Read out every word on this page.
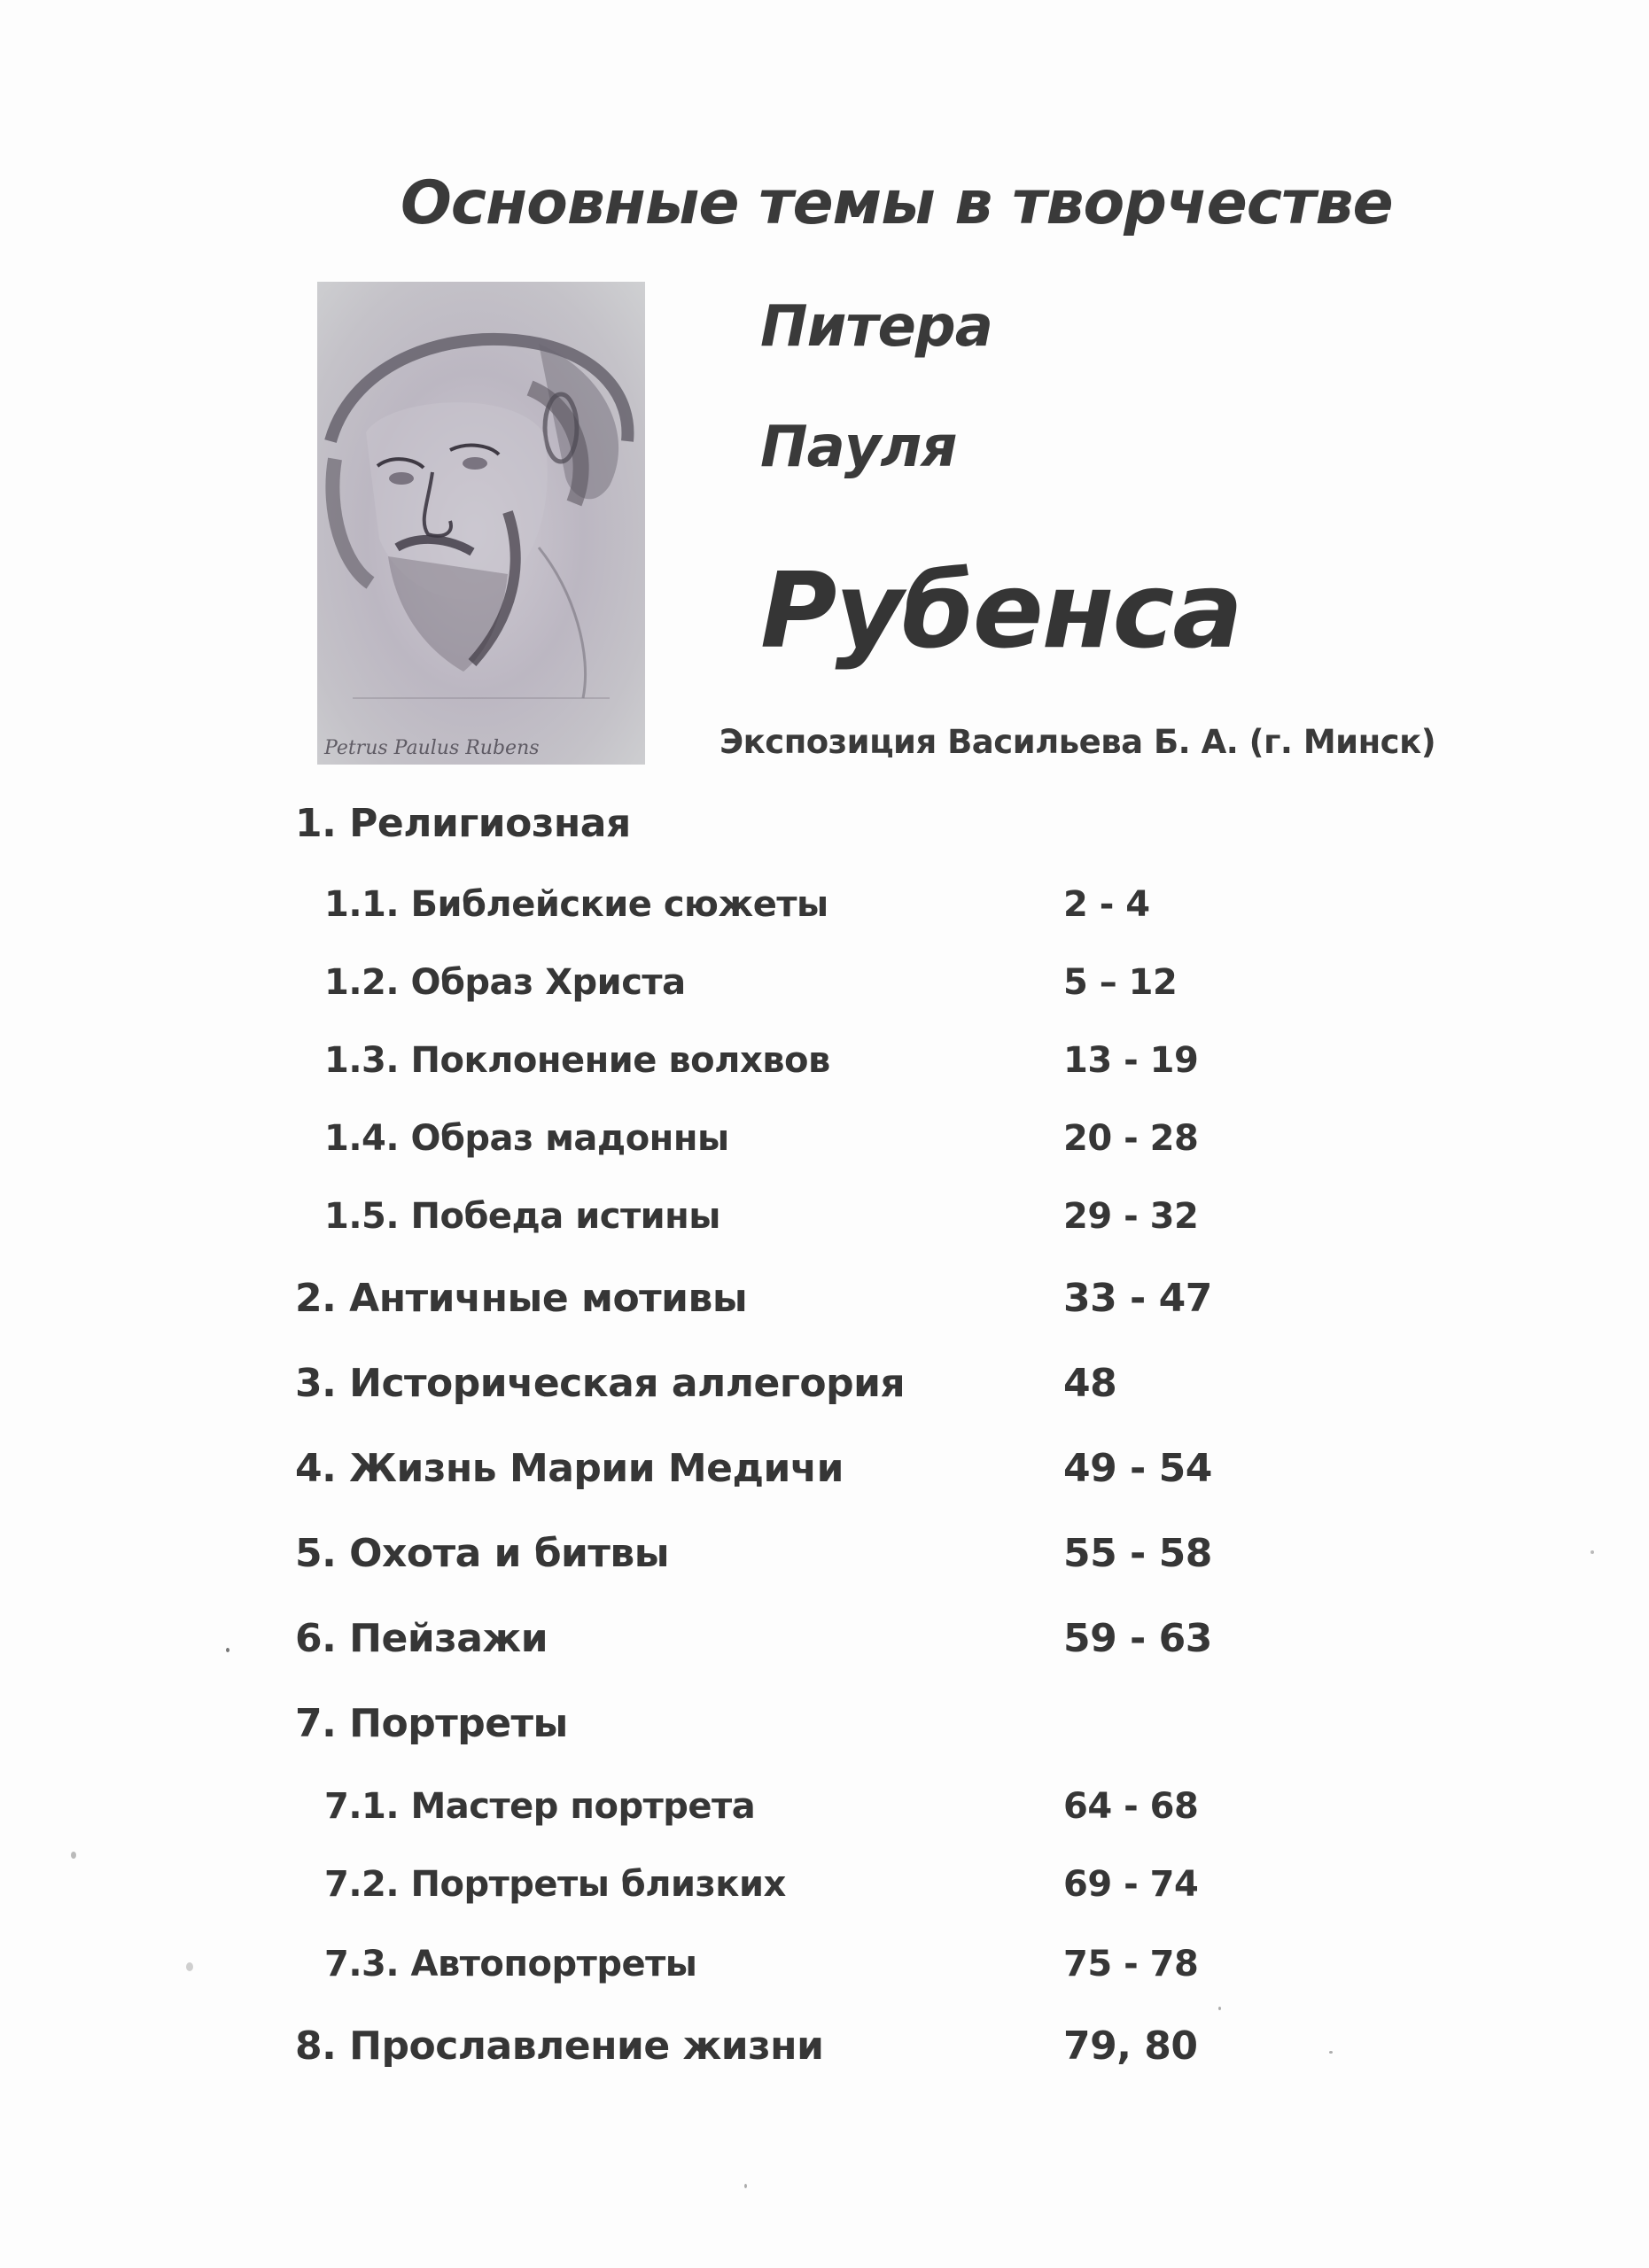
Основные темы в творчестве
Питера
Пауля
Рубенса
Petrus Paulus Rubens	Экспозиция Васильева Б. А. (г. Минск)
1. Религиозная
1.1. Библейские сюжеты	2 - 4
1.2. Образ Христа	5 – 12
1.3. Поклонение волхвов	13 - 19
1.4. Образ мадонны	20 - 28
1.5. Победа истины	29 - 32
2. Античные мотивы	33 - 47
3. Историческая аллегория	48
4. Жизнь Марии Медичи	49 - 54
5. Охота и битвы	55 - 58
6. Пейзажи	59 - 63
7. Портреты
7.1. Мастер портрета	64 - 68
7.2. Портреты близких	69 - 74
7.3. Автопортреты	75 - 78
8. Прославление жизни	79, 80
